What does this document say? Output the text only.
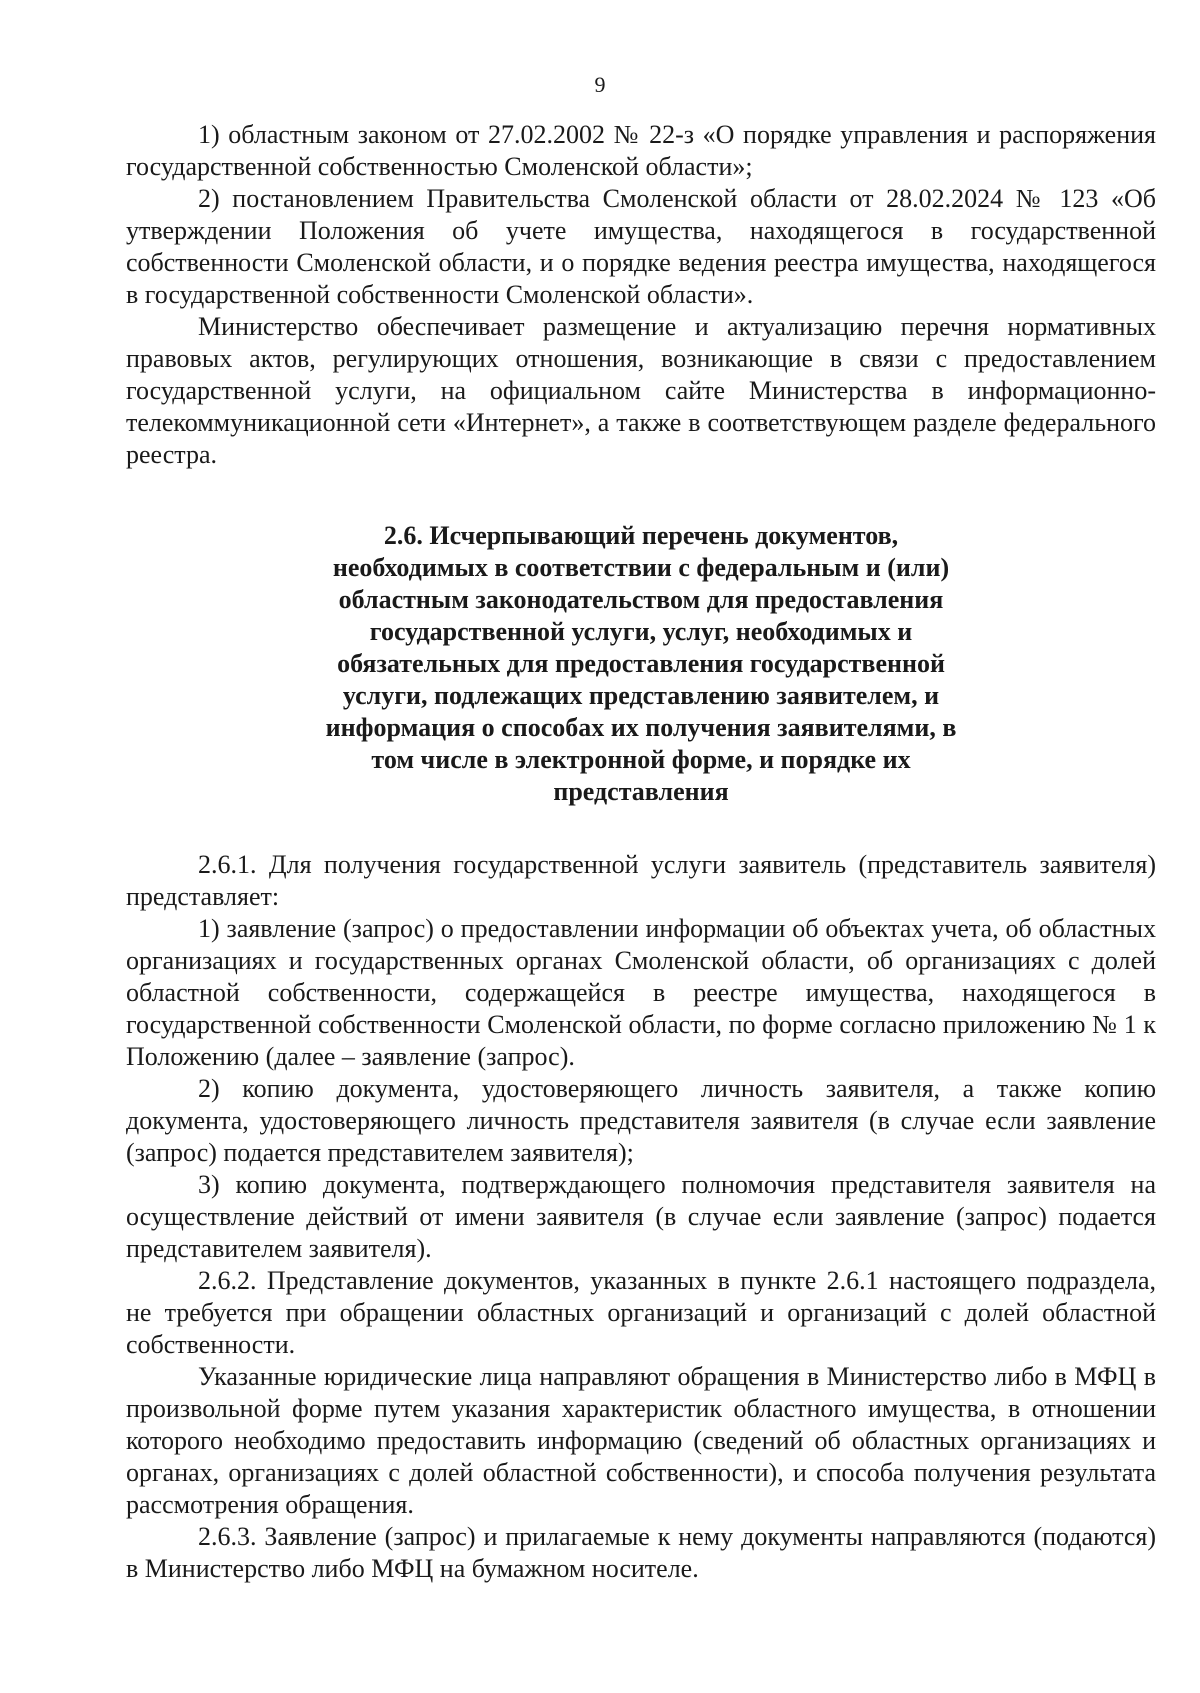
9

1) областным законом от 27.02.2002 № 22-з «О порядке управления и распоряжения государственной собственностью Смоленской области»;

2) постановлением Правительства Смоленской области от 28.02.2024 № 123 «Об утверждении Положения об учете имущества, находящегося в государственной собственности Смоленской области, и о порядке ведения реестра имущества, находящегося в государственной собственности Смоленской области».

Министерство обеспечивает размещение и актуализацию перечня нормативных правовых актов, регулирующих отношения, возникающие в связи с предоставлением государственной услуги, на официальном сайте Министерства в информационно-телекоммуникационной сети «Интернет», а также в соответствующем разделе федерального реестра.

2.6. Исчерпывающий перечень документов,
необходимых в соответствии с федеральным и (или)
областным законодательством для предоставления
государственной услуги, услуг, необходимых и
обязательных для предоставления государственной
услуги, подлежащих представлению заявителем, и
информация о способах их получения заявителями, в
том числе в электронной форме, и порядке их
представления

2.6.1. Для получения государственной услуги заявитель (представитель заявителя) представляет:

1) заявление (запрос) о предоставлении информации об объектах учета, об областных организациях и государственных органах Смоленской области, об организациях с долей областной собственности, содержащейся в реестре имущества, находящегося в государственной собственности Смоленской области, по форме согласно приложению № 1 к Положению (далее – заявление (запрос).

2) копию документа, удостоверяющего личность заявителя, а также копию документа, удостоверяющего личность представителя заявителя (в случае если заявление (запрос) подается представителем заявителя);

3) копию документа, подтверждающего полномочия представителя заявителя на осуществление действий от имени заявителя (в случае если заявление (запрос) подается представителем заявителя).

2.6.2. Представление документов, указанных в пункте 2.6.1 настоящего подраздела, не требуется при обращении областных организаций и организаций с долей областной собственности.

Указанные юридические лица направляют обращения в Министерство либо в МФЦ в произвольной форме путем указания характеристик областного имущества, в отношении которого необходимо предоставить информацию (сведений об областных организациях и органах, организациях с долей областной собственности), и способа получения результата рассмотрения обращения.

2.6.3. Заявление (запрос) и прилагаемые к нему документы направляются (подаются) в Министерство либо МФЦ на бумажном носителе.
